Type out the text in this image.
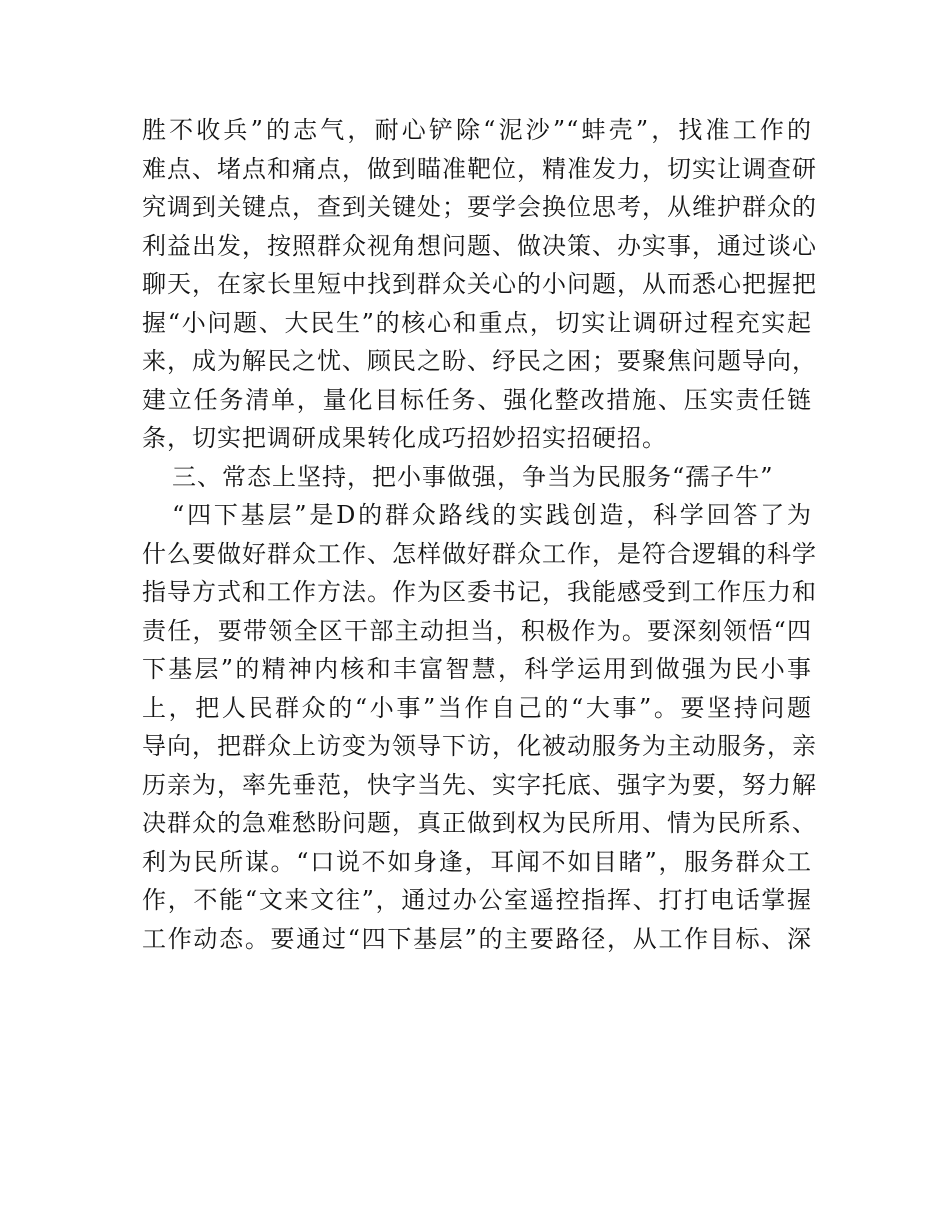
胜不收兵”的志气，耐心铲除“泥沙”“蚌壳”，找准工作的
难点、堵点和痛点，做到瞄准靶位，精准发力，切实让调查研
究调到关键点，查到关键处；要学会换位思考，从维护群众的
利益出发，按照群众视角想问题、做决策、办实事，通过谈心
聊天，在家长里短中找到群众关心的小问题，从而悉心把握把
握“小问题、大民生”的核心和重点，切实让调研过程充实起
来，成为解民之忧、顾民之盼、纾民之困；要聚焦问题导向，
建立任务清单，量化目标任务、强化整改措施、压实责任链
条，切实把调研成果转化成巧招妙招实招硬招。
三、常态上坚持，把小事做强，争当为民服务“孺子牛”
“四下基层”是D的群众路线的实践创造，科学回答了为
什么要做好群众工作、怎样做好群众工作，是符合逻辑的科学
指导方式和工作方法。作为区委书记，我能感受到工作压力和
责任，要带领全区干部主动担当，积极作为。要深刻领悟“四
下基层”的精神内核和丰富智慧，科学运用到做强为民小事
上，把人民群众的“小事”当作自己的“大事”。要坚持问题
导向，把群众上访变为领导下访，化被动服务为主动服务，亲
历亲为，率先垂范，快字当先、实字托底、强字为要，努力解
决群众的急难愁盼问题，真正做到权为民所用、情为民所系、
利为民所谋。“口说不如身逢，耳闻不如目睹”，服务群众工
作，不能“文来文往”，通过办公室遥控指挥、打打电话掌握
工作动态。要通过“四下基层”的主要路径，从工作目标、深
